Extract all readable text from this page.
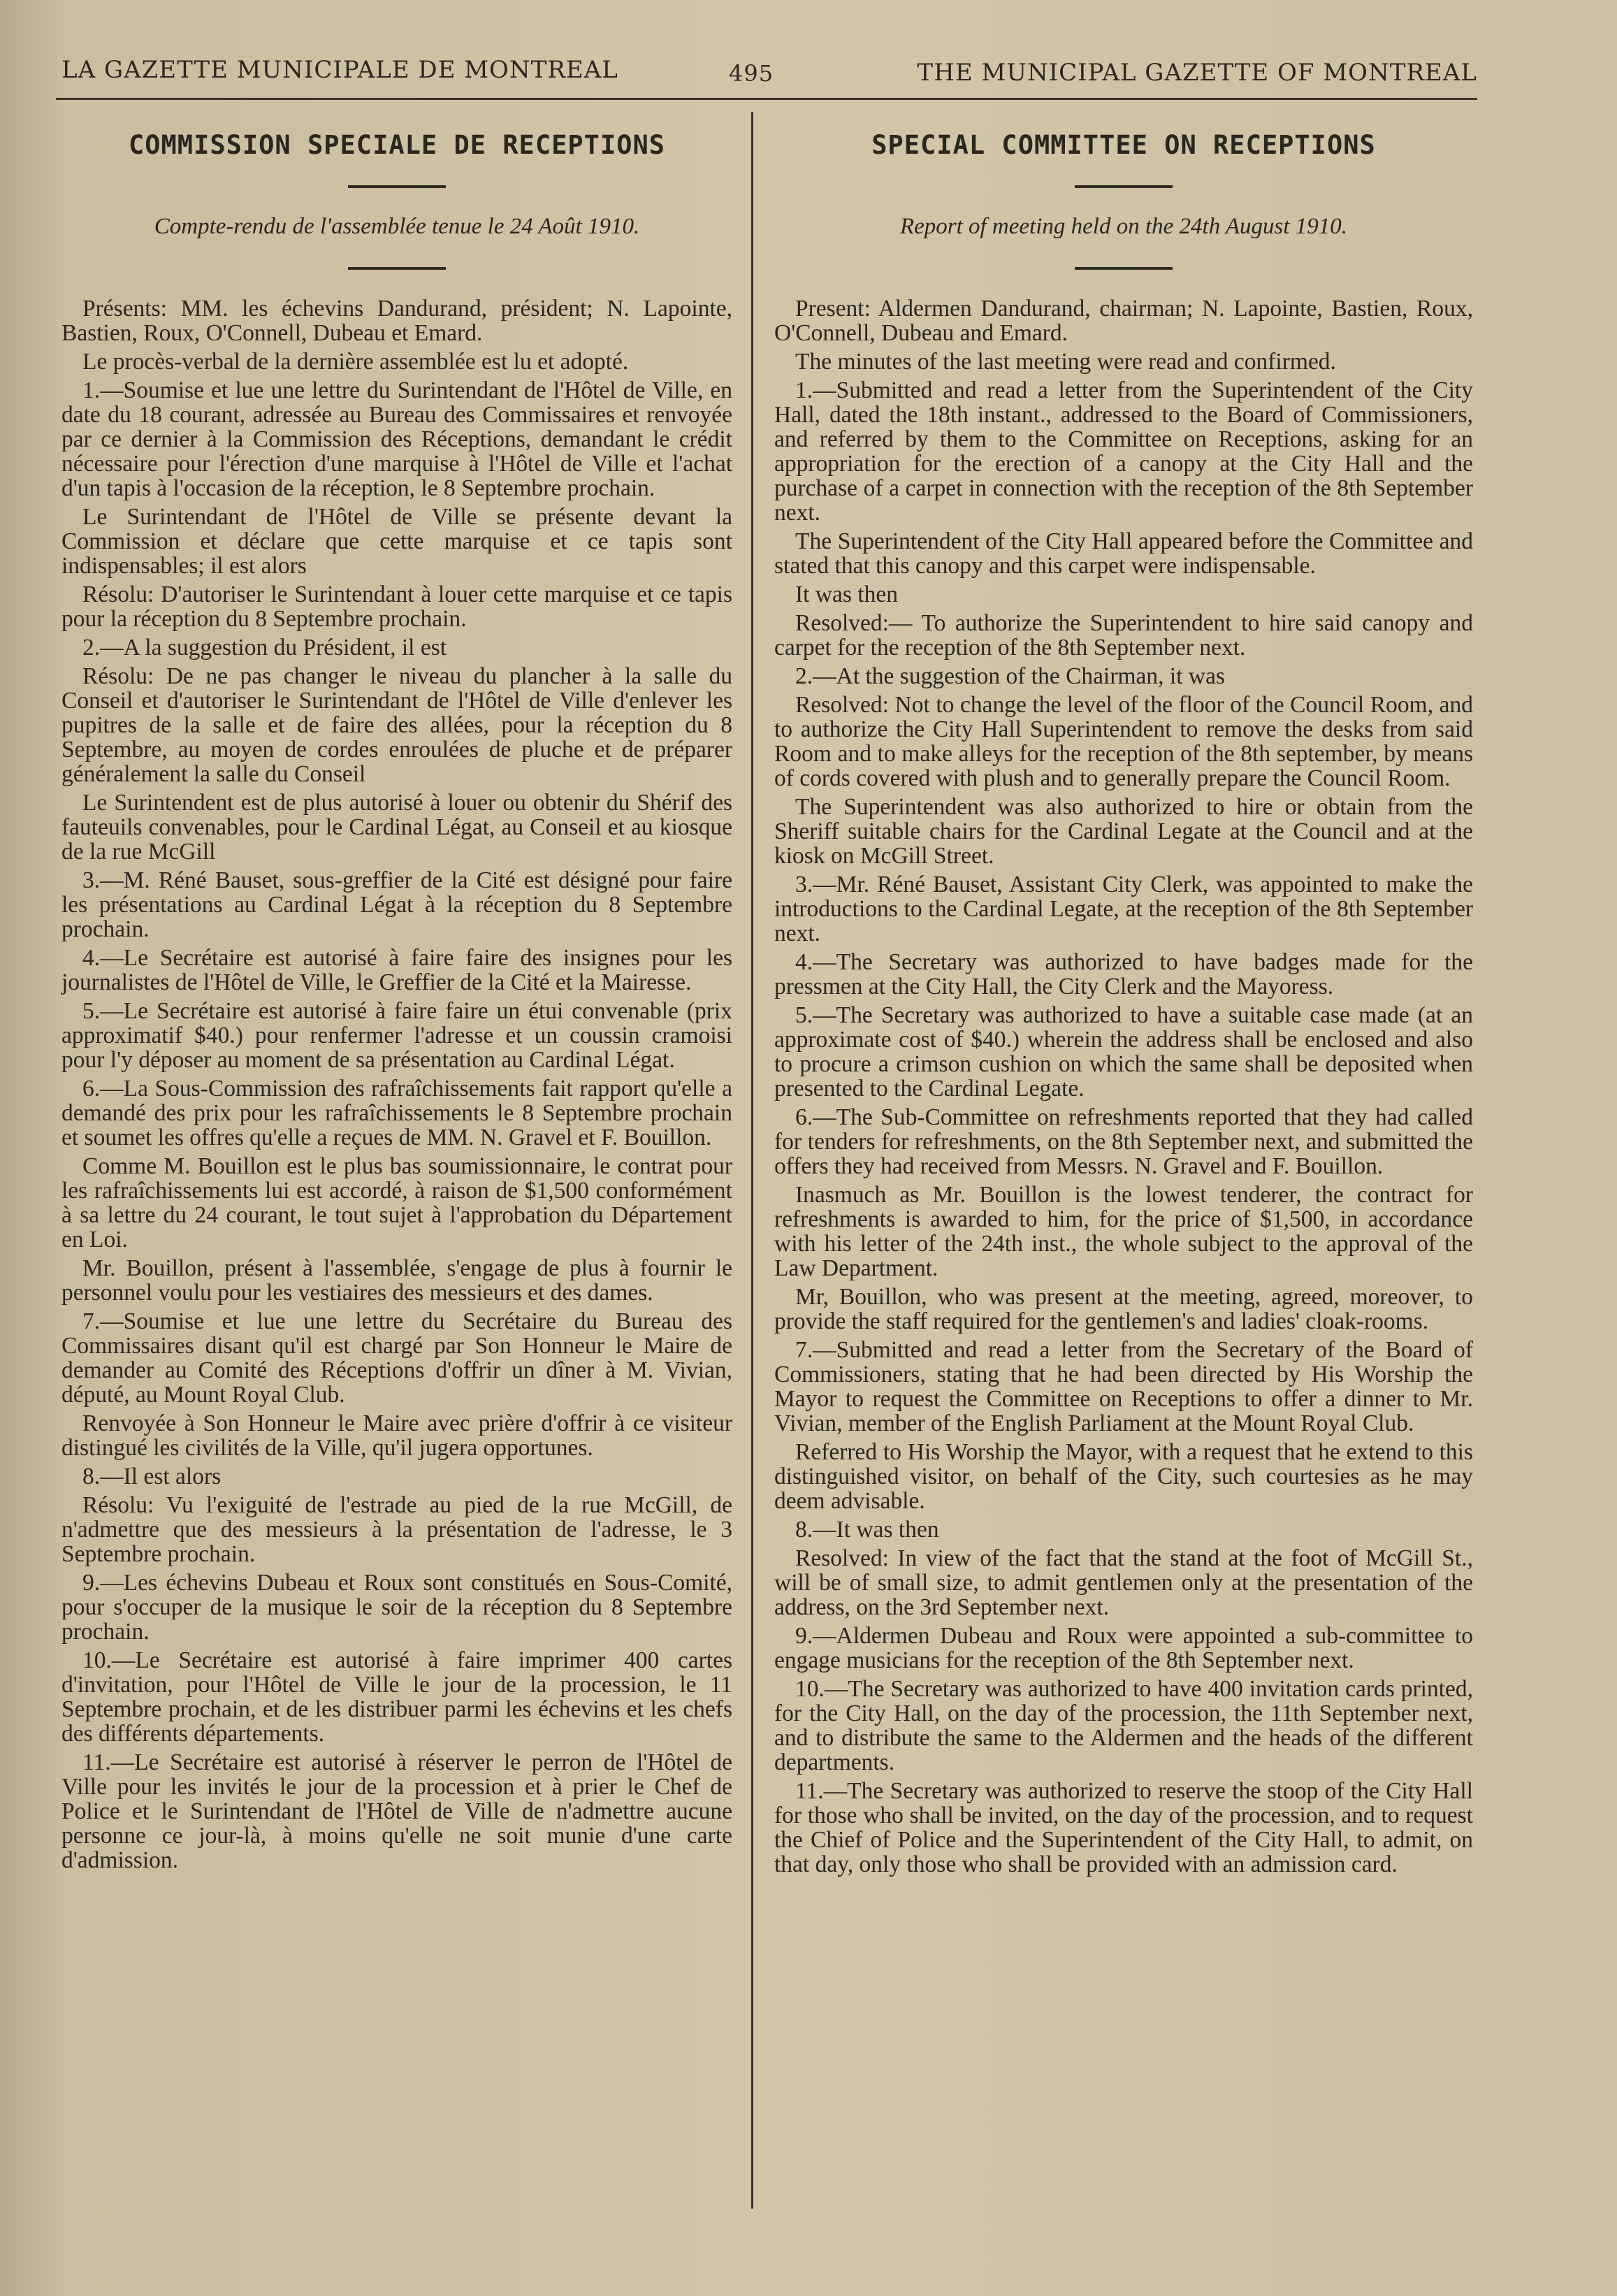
LA GAZETTE MUNICIPALE DE MONTREAL	495	THE MUNICIPAL GAZETTE OF MONTREAL
COMMISSION SPECIALE DE RECEPTIONS

Compte-rendu de l'assemblée tenue le 24 Août 1910.

Présents: MM. les échevins Dandurand, président; N. Lapointe, Bastien, Roux, O'Connell, Dubeau et Emard.

Le procès-verbal de la dernière assemblée est lu et adopté.

1.—Soumise et lue une lettre du Surintendant de l'Hôtel de Ville, en date du 18 courant, adressée au Bureau des Commissaires et renvoyée par ce dernier à la Commission des Réceptions, demandant le crédit nécessaire pour l'érection d'une marquise à l'Hôtel de Ville et l'achat d'un tapis à l'occasion de la réception, le 8 Septembre prochain.

Le Surintendant de l'Hôtel de Ville se présente devant la Commission et déclare que cette marquise et ce tapis sont indispensables; il est alors

Résolu: D'autoriser le Surintendant à louer cette marquise et ce tapis pour la réception du 8 Septembre prochain.

2.—A la suggestion du Président, il est

Résolu: De ne pas changer le niveau du plancher à la salle du Conseil et d'autoriser le Surintendant de l'Hôtel de Ville d'enlever les pupitres de la salle et de faire des allées, pour la réception du 8 Septembre, au moyen de cordes enroulées de pluche et de préparer généralement la salle du Conseil

Le Surintendent est de plus autorisé à louer ou obtenir du Shérif des fauteuils convenables, pour le Cardinal Légat, au Conseil et au kiosque de la rue McGill

3.—M. Réné Bauset, sous-greffier de la Cité est désigné pour faire les présentations au Cardinal Légat à la réception du 8 Septembre prochain.

4.—Le Secrétaire est autorisé à faire faire des insignes pour les journalistes de l'Hôtel de Ville, le Greffier de la Cité et la Mairesse.

5.—Le Secrétaire est autorisé à faire faire un étui convenable (prix approximatif $40.) pour renfermer l'adresse et un coussin cramoisi pour l'y déposer au moment de sa présentation au Cardinal Légat.

6.—La Sous-Commission des rafraîchissements fait rapport qu'elle a demandé des prix pour les rafraîchissements le 8 Septembre prochain et soumet les offres qu'elle a reçues de MM. N. Gravel et F. Bouillon.

Comme M. Bouillon est le plus bas soumissionnaire, le contrat pour les rafraîchissements lui est accordé, à raison de $1,500 conformément à sa lettre du 24 courant, le tout sujet à l'approbation du Département en Loi.

Mr. Bouillon, présent à l'assemblée, s'engage de plus à fournir le personnel voulu pour les vestiaires des messieurs et des dames.

7.—Soumise et lue une lettre du Secrétaire du Bureau des Commissaires disant qu'il est chargé par Son Honneur le Maire de demander au Comité des Réceptions d'offrir un dîner à M. Vivian, député, au Mount Royal Club.

Renvoyée à Son Honneur le Maire avec prière d'offrir à ce visiteur distingué les civilités de la Ville, qu'il jugera opportunes.

8.—Il est alors

Résolu: Vu l'exiguité de l'estrade au pied de la rue McGill, de n'admettre que des messieurs à la présentation de l'adresse, le 3 Septembre prochain.

9.—Les échevins Dubeau et Roux sont constitués en Sous-Comité, pour s'occuper de la musique le soir de la réception du 8 Septembre prochain.

10.—Le Secrétaire est autorisé à faire imprimer 400 cartes d'invitation, pour l'Hôtel de Ville le jour de la procession, le 11 Septembre prochain, et de les distribuer parmi les échevins et les chefs des différents départements.

11.—Le Secrétaire est autorisé à réserver le perron de l'Hôtel de Ville pour les invités le jour de la procession et à prier le Chef de Police et le Surintendant de l'Hôtel de Ville de n'admettre aucune personne ce jour-là, à moins qu'elle ne soit munie d'une carte d'admission.

SPECIAL COMMITTEE ON RECEPTIONS

Report of meeting held on the 24th August 1910.

Present: Aldermen Dandurand, chairman; N. Lapointe, Bastien, Roux, O'Connell, Dubeau and Emard.

The minutes of the last meeting were read and confirmed.

1.—Submitted and read a letter from the Superintendent of the City Hall, dated the 18th instant., addressed to the Board of Commissioners, and referred by them to the Committee on Receptions, asking for an appropriation for the erection of a canopy at the City Hall and the purchase of a carpet in connection with the reception of the 8th September next.

The Superintendent of the City Hall appeared before the Committee and stated that this canopy and this carpet were indispensable.

It was then

Resolved:— To authorize the Superintendent to hire said canopy and carpet for the reception of the 8th September next.

2.—At the suggestion of the Chairman, it was

Resolved: Not to change the level of the floor of the Council Room, and to authorize the City Hall Superintendent to remove the desks from said Room and to make alleys for the reception of the 8th september, by means of cords covered with plush and to generally prepare the Council Room.

The Superintendent was also authorized to hire or obtain from the Sheriff suitable chairs for the Cardinal Legate at the Council and at the kiosk on McGill Street.

3.—Mr. Réné Bauset, Assistant City Clerk, was appointed to make the introductions to the Cardinal Legate, at the reception of the 8th September next.

4.—The Secretary was authorized to have badges made for the pressmen at the City Hall, the City Clerk and the Mayoress.

5.—The Secretary was authorized to have a suitable case made (at an approximate cost of $40.) wherein the address shall be enclosed and also to procure a crimson cushion on which the same shall be deposited when presented to the Cardinal Legate.

6.—The Sub-Committee on refreshments reported that they had called for tenders for refreshments, on the 8th September next, and submitted the offers they had received from Messrs. N. Gravel and F. Bouillon.

Inasmuch as Mr. Bouillon is the lowest tenderer, the contract for refreshments is awarded to him, for the price of $1,500, in accordance with his letter of the 24th inst., the whole subject to the approval of the Law Department.

Mr, Bouillon, who was present at the meeting, agreed, moreover, to provide the staff required for the gentlemen's and ladies' cloak-rooms.

7.—Submitted and read a letter from the Secretary of the Board of Commissioners, stating that he had been directed by His Worship the Mayor to request the Committee on Receptions to offer a dinner to Mr. Vivian, member of the English Parliament at the Mount Royal Club.

Referred to His Worship the Mayor, with a request that he extend to this distinguished visitor, on behalf of the City, such courtesies as he may deem advisable.

8.—It was then

Resolved: In view of the fact that the stand at the foot of McGill St., will be of small size, to admit gentlemen only at the presentation of the address, on the 3rd September next.

9.—Aldermen Dubeau and Roux were appointed a sub-committee to engage musicians for the reception of the 8th September next.

10.—The Secretary was authorized to have 400 invitation cards printed, for the City Hall, on the day of the procession, the 11th September next, and to distribute the same to the Aldermen and the heads of the different departments.

11.—The Secretary was authorized to reserve the stoop of the City Hall for those who shall be invited, on the day of the procession, and to request the Chief of Police and the Superintendent of the City Hall, to admit, on that day, only those who shall be provided with an admission card.
